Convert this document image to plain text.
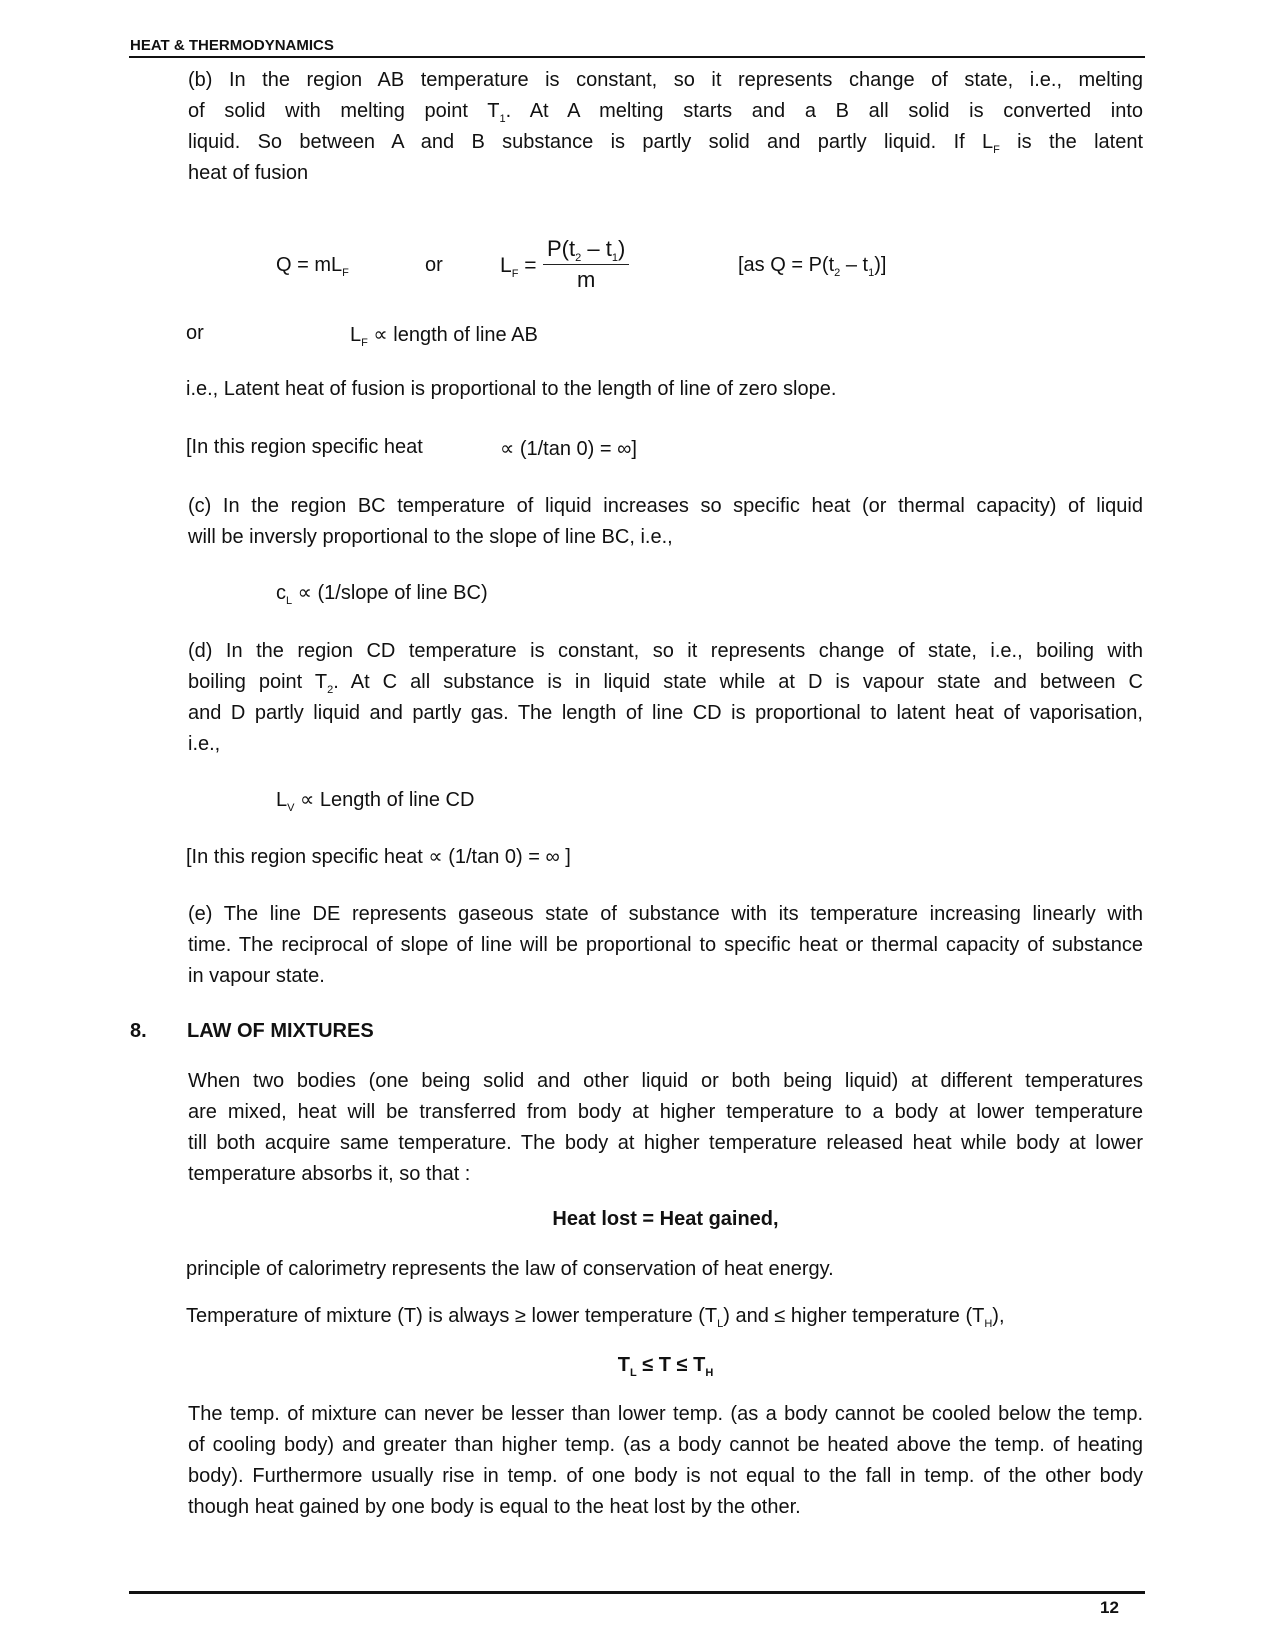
HEAT & THERMODYNAMICS
(b) In the region AB temperature is constant, so it represents change of state, i.e., melting
of solid with melting point $T_1$. At A melting starts and a B all solid is converted into
liquid. So between A and B substance is partly solid and partly liquid. If $L_F$ is the latent
heat of fusion
$Q = mL_F$	or	$L_F = \frac{P(t_2 - t_1)}{m}$	[as $Q = P(t_2 - t_1)$]
or	$L_F$ ∝ length of line AB
i.e., Latent heat of fusion is proportional to the length of line of zero slope.
[In this region specific heat	∝ (1/tan 0) = ∞]
(c) In the region BC temperature of liquid increases so specific heat (or thermal capacity) of liquid
will be inversly proportional to the slope of line BC, i.e.,
$c_L$ ∝ (1/slope of line BC)
(d) In the region CD temperature is constant, so it represents change of state, i.e., boiling with
boiling point $T_2$. At C all substance is in liquid state while at D is vapour state and between C
and D partly liquid and partly gas. The length of line CD is proportional to latent heat of vaporisation,
i.e.,
$L_V$ ∝ Length of line CD
[In this region specific heat ∝ (1/tan 0) = ∞ ]
(e) The line DE represents gaseous state of substance with its temperature increasing linearly with
time. The reciprocal of slope of line will be proportional to specific heat or thermal capacity of substance
in vapour state.
8. LAW OF MIXTURES
When two bodies (one being solid and other liquid or both being liquid) at different temperatures
are mixed, heat will be transferred from body at higher temperature to a body at lower temperature
till both acquire same temperature. The body at higher temperature released heat while body at lower
temperature absorbs it, so that :
Heat lost = Heat gained,
principle of calorimetry represents the law of conservation of heat energy.
Temperature of mixture (T) is always ≥ lower temperature $(T_L)$ and ≤ higher temperature $(T_H)$,
$T_L \le T \le T_H$
The temp. of mixture can never be lesser than lower temp. (as a body cannot be cooled below the temp.
of cooling body) and greater than higher temp. (as a body cannot be heated above the temp. of heating
body). Furthermore usually rise in temp. of one body is not equal to the fall in temp. of the other body
though heat gained by one body is equal to the heat lost by the other.
12
